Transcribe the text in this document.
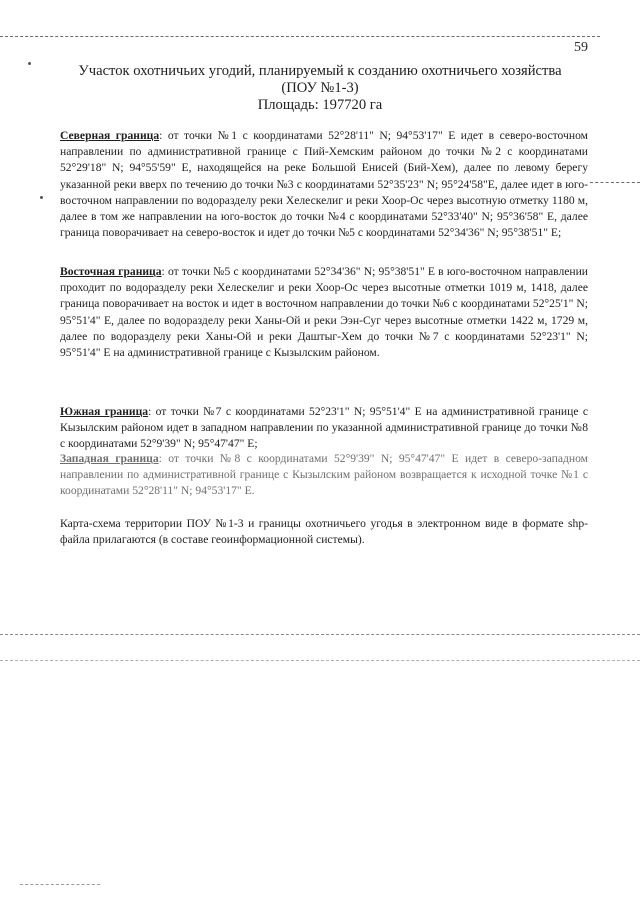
59
Участок охотничьих угодий, планируемый к созданию охотничьего хозяйства
(ПОУ №1-3)
Площадь: 197720 га

Северная граница: от точки №1 с координатами 52°28'11" N; 94°53'17" E идет в северо-восточном направлении по административной границе с Пий-Хемским районом до точки №2 с координатами 52°29'18" N; 94°55'59" E, находящейся на реке Большой Енисей (Бий-Хем), далее по левому берегу указанной реки вверх по течению до точки №3 с координатами 52°35'23" N; 95°24'58"E, далее идет в юго-восточном направлении по водоразделу реки Хелескелиг и реки Хоор-Ос через высотную отметку 1180 м, далее в том же направлении на юго-восток до точки №4 с координатами 52°33'40" N; 95°36'58" E, далее граница поворачивает на северо-восток и идет до точки №5 с координатами 52°34'36" N; 95°38'51" E;

Восточная граница: от точки №5 с координатами 52°34'36" N; 95°38'51" E в юго-восточном направлении проходит по водоразделу реки Хелескелиг и реки Хоор-Ос через высотные отметки 1019 м, 1418, далее граница поворачивает на восток и идет в восточном направлении до точки №6 с координатами 52°25'1" N; 95°51'4" E, далее по водоразделу реки Ханы-Ой и реки Ээн-Суг через высотные отметки 1422 м, 1729 м, далее по водоразделу реки Ханы-Ой и реки Даштыг-Хем до точки №7 с координатами 52°23'1" N; 95°51'4" E на административной границе с Кызылским районом.

Южная граница: от точки №7 с координатами 52°23'1" N; 95°51'4" E на административной границе с Кызылским районом идет в западном направлении по указанной административной границе до точки №8 с координатами 52°9'39" N; 95°47'47" E;

Западная граница: от точки №8 с координатами 52°9'39" N; 95°47'47" E идет в северо-западном направлении по административной границе с Кызылским районом возвращается к исходной точке №1 с координатами 52°28'11" N; 94°53'17" E.

Карта-схема территории ПОУ №1-3 и границы охотничьего угодья в электронном виде в формате shp-файла прилагаются (в составе геоинформационной системы).
